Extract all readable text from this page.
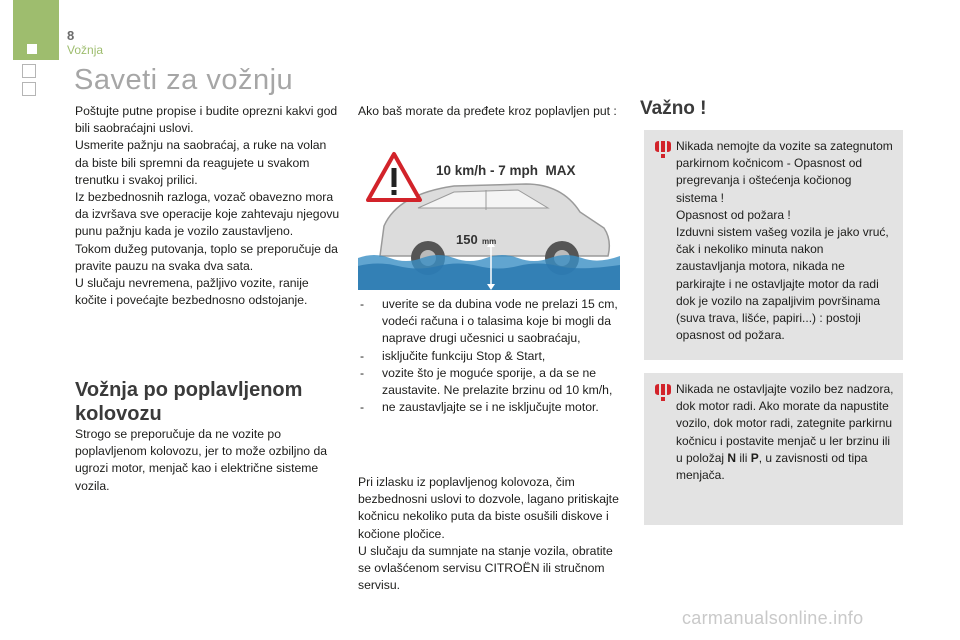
8
Vožnja
Saveti za vožnju

Poštujte putne propise i budite oprezni kakvi god bili saobraćajni uslovi.
Usmerite pažnju na saobraćaj, a ruke na volan da biste bili spremni da reagujete u svakom trenutku i svakoj prilici.
Iz bezbednosnih razloga, vozač obavezno mora da izvršava sve operacije koje zahtevaju njegovu punu pažnju kada je vozilo zaustavljeno.
Tokom dužeg putovanja, toplo se preporučuje da pravite pauzu na svaka dva sata.
U slučaju nevremena, pažljivo vozite, ranije kočite i povećajte bezbednosno odstojanje.

Vožnja po poplavljenom kolovozu

Strogo se preporučuje da ne vozite po poplavljenom kolovozu, jer to može ozbiljno da ugrozi motor, menjač kao i električne sisteme vozila.

Ako baš morate da pređete kroz poplavljen put :

150 mm
10 km/h - 7 mph  MAX
- uverite se da dubina vode ne prelazi 15 cm, vodeći računa i o talasima koje bi mogli da naprave drugi učesnici u saobraćaju,
- isključite funkciju Stop & Start,
- vozite što je moguće sporije, a da se ne zaustavite. Ne prelazite brzinu od 10 km/h,
- ne zaustavljajte se i ne isključujte motor.

Pri izlasku iz poplavljenog kolovoza, čim bezbednosni uslovi to dozvole, lagano pritiskajte kočnicu nekoliko puta da biste osušili diskove i kočione pločice.
U slučaju da sumnjate na stanje vozila, obratite se ovlašćenom servisu CITROËN ili stručnom servisu.

Važno !

Nikada nemojte da vozite sa zategnutom parkirnom kočnicom - Opasnost od pregrevanja i oštećenja kočionog sistema !
Opasnost od požara !
Izduvni sistem vašeg vozila je jako vruć, čak i nekoliko minuta nakon zaustavljanja motora, nikada ne parkirajte i ne ostavljajte motor da radi dok je vozilo na zapaljivim površinama (suva trava, lišće, papiri...) : postoji opasnost od požara.

Nikada ne ostavljajte vozilo bez nadzora, dok motor radi. Ako morate da napustite vozilo, dok motor radi, zategnite parkirnu kočnicu i postavite menjač u ler brzinu ili u položaj N ili P, u zavisnosti od tipa menjača.

carmanualsonline.info
